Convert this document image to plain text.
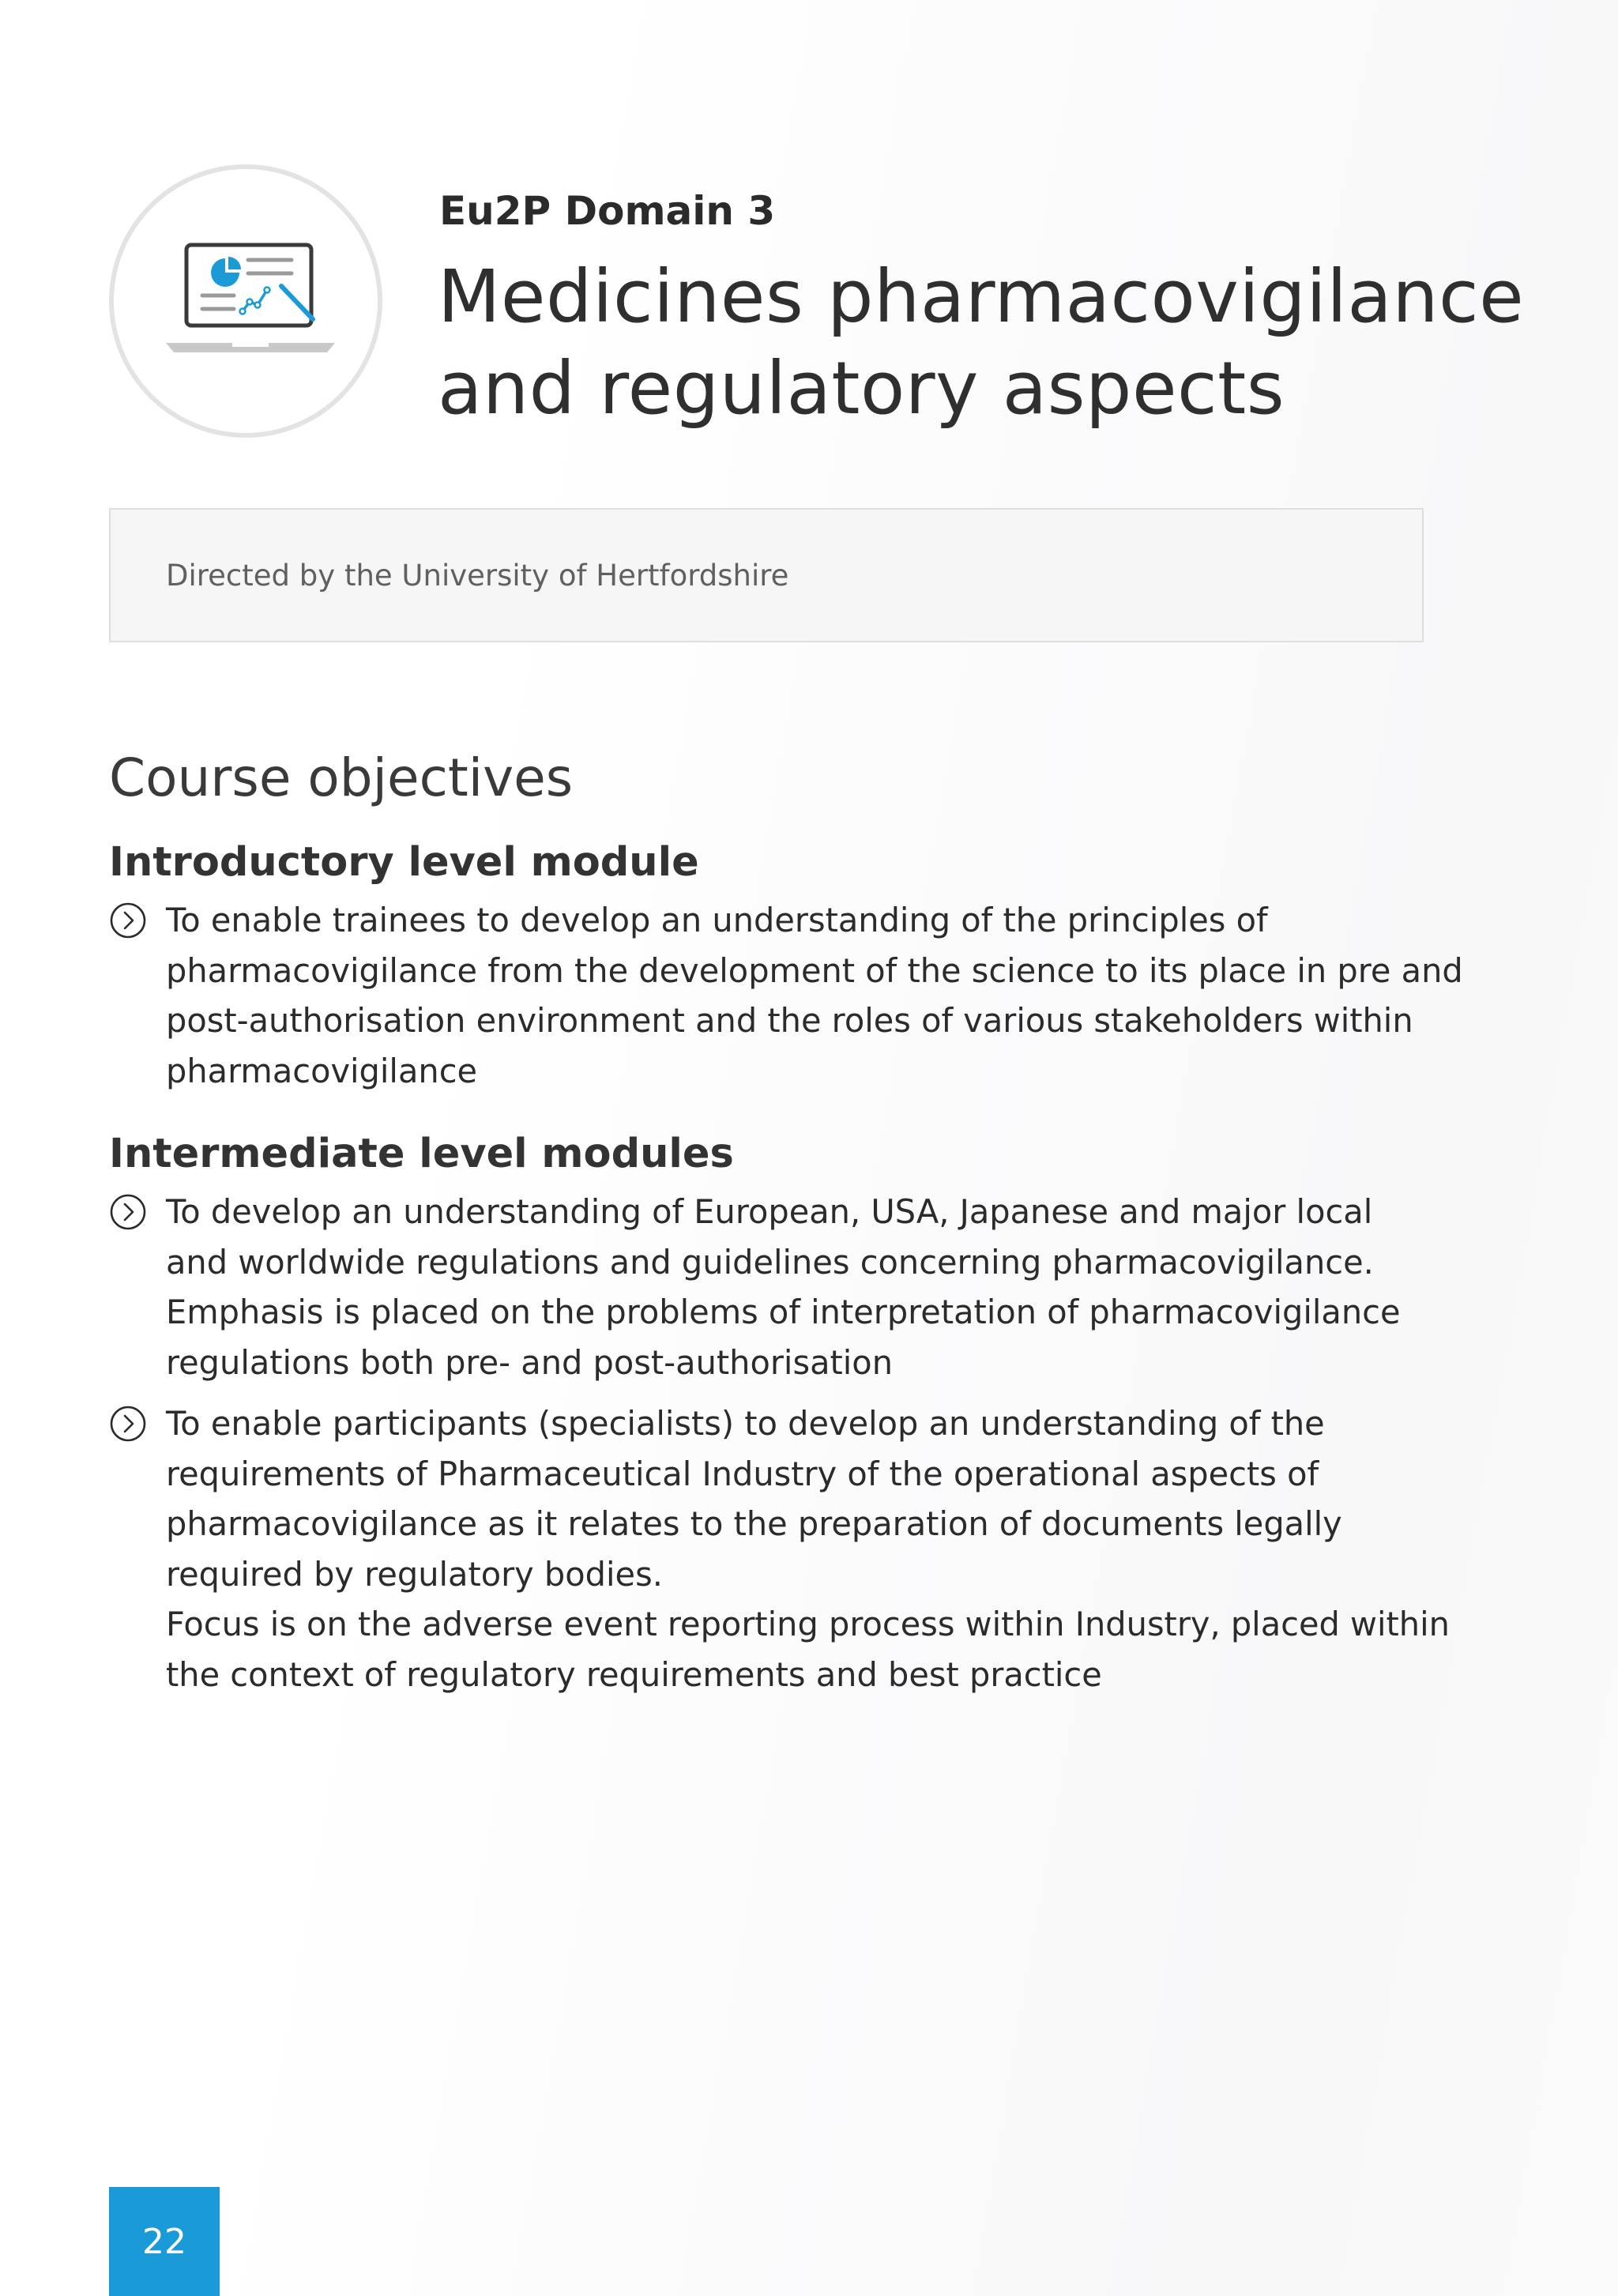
Eu2P Domain 3
Medicines pharmacovigilance
and regulatory aspects
Directed by the University of Hertfordshire
Course objectives
Introductory level module
To enable trainees to develop an understanding of the principles of
pharmacovigilance from the development of the science to its place in pre and
post-authorisation environment and the roles of various stakeholders within
pharmacovigilance
Intermediate level modules
To develop an understanding of European, USA, Japanese and major local
and worldwide regulations and guidelines concerning pharmacovigilance.
Emphasis is placed on the problems of interpretation of pharmacovigilance
regulations both pre- and post-authorisation
To enable participants (specialists) to develop an understanding of the
requirements of Pharmaceutical Industry of the operational aspects of
pharmacovigilance as it relates to the preparation of documents legally
required by regulatory bodies.
Focus is on the adverse event reporting process within Industry, placed within
the context of regulatory requirements and best practice
22
